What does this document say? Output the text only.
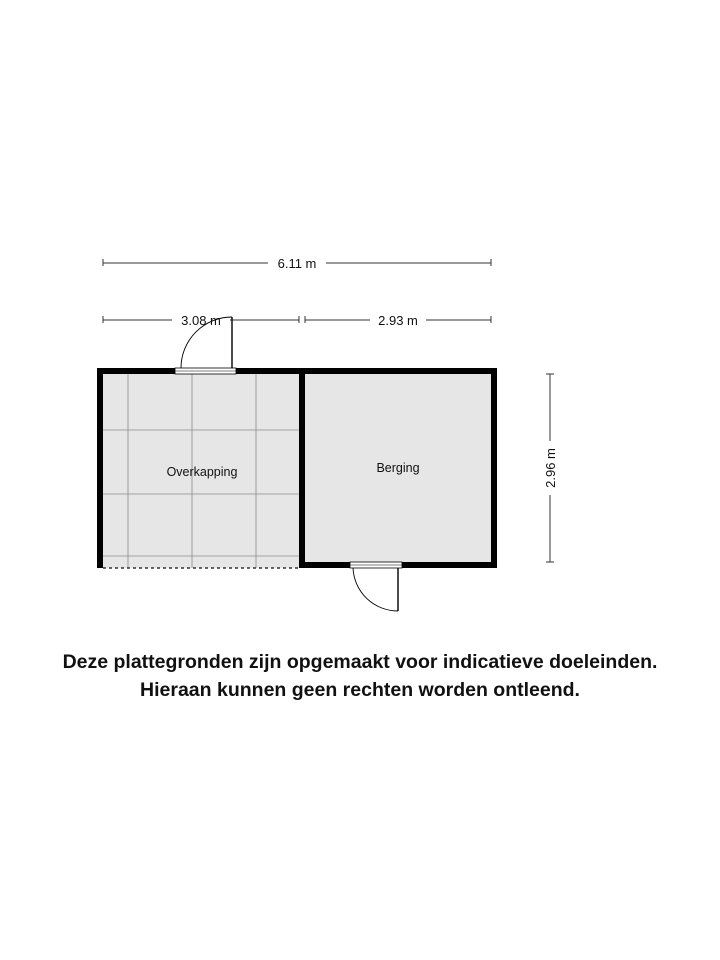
6.11 m
3.08 m	2.93 m
2.96 m
Overkapping	Berging
Deze plattegronden zijn opgemaakt voor indicatieve doeleinden.
Hieraan kunnen geen rechten worden ontleend.
